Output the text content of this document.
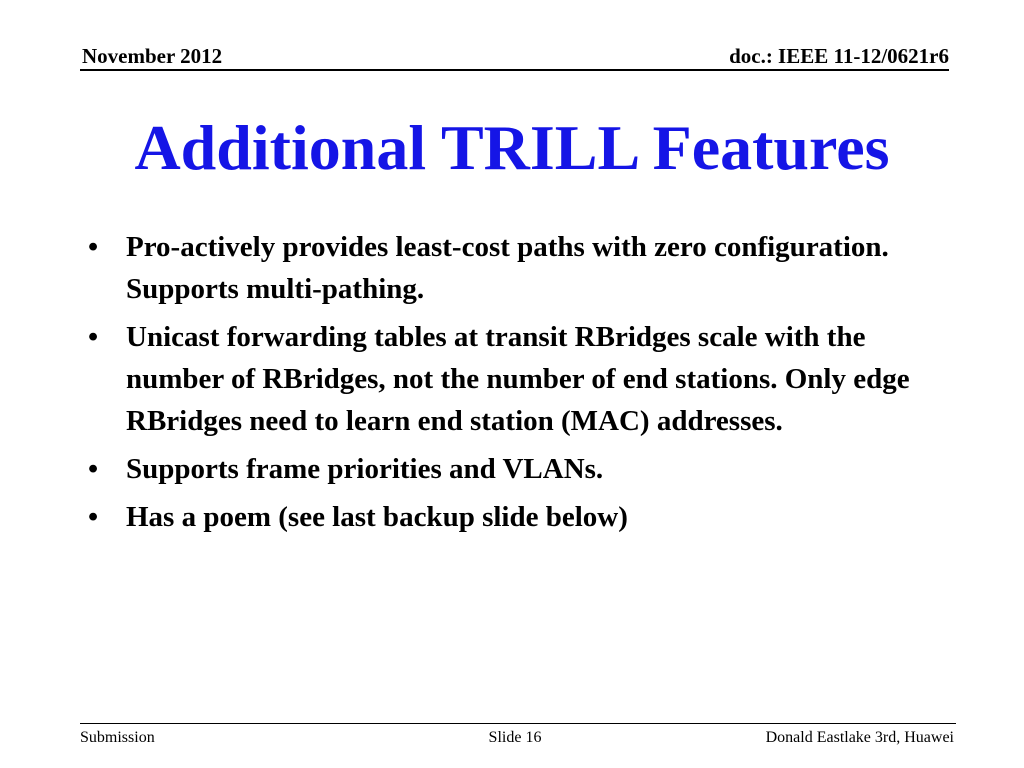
November 2012	doc.: IEEE 11-12/0621r6
Additional TRILL Features
• Pro-actively provides least-cost paths with zero configuration. Supports multi-pathing.
• Unicast forwarding tables at transit RBridges scale with the number of RBridges, not the number of end stations. Only edge RBridges need to learn end station (MAC) addresses.
• Supports frame priorities and VLANs.
• Has a poem (see last backup slide below)
Submission	Slide 16	Donald Eastlake 3rd, Huawei
